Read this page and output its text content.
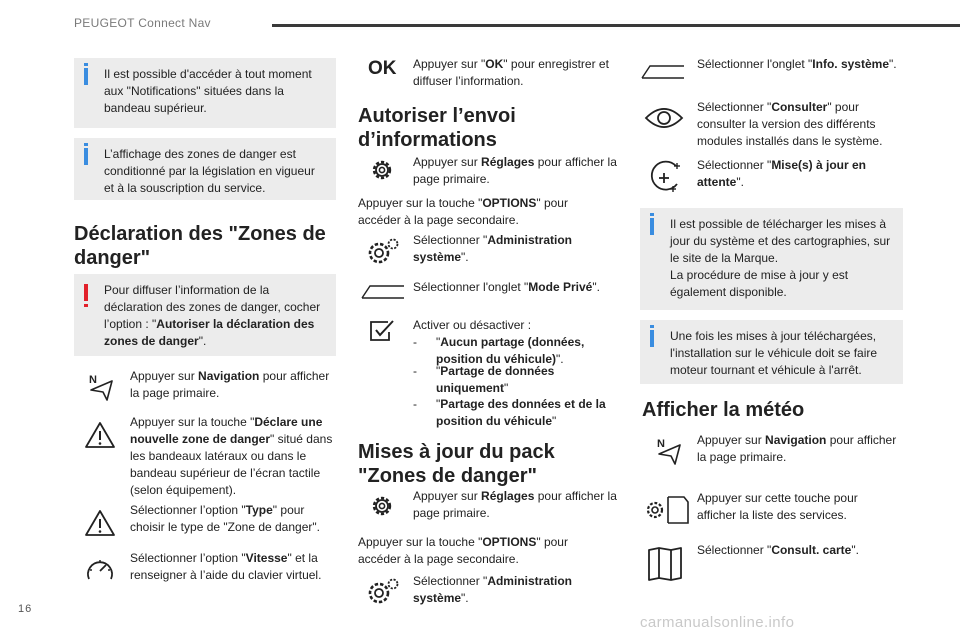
PEUGEOT Connect Nav
16
carmanualsonline.info
Il est possible d'accéder à tout moment aux "Notifications" situées dans la bandeau supérieur.
L’affichage des zones de danger est conditionné par la législation en vigueur et à la souscription du service.
Déclaration des "Zones de danger"
Pour diffuser l’information de la déclaration des zones de danger, cocher l’option : "Autoriser la déclaration des zones de danger".
N	Appuyer sur Navigation pour afficher la page primaire.
Appuyer sur la touche "Déclare une nouvelle zone de danger" situé dans les bandeaux latéraux ou dans le bandeau supérieur de l’écran tactile (selon équipement).
Sélectionner l’option "Type" pour choisir le type de "Zone de danger".
Sélectionner l’option "Vitesse" et la renseigner à l’aide du clavier virtuel.
OK Appuyer sur "OK" pour enregistrer et diffuser l’information.
Autoriser l’envoi d’informations
Appuyer sur Réglages pour afficher la page primaire.
Appuyer sur la touche "OPTIONS" pour accéder à la page secondaire.
Sélectionner "Administration système".
Sélectionner l'onglet "Mode Privé".
Activer ou désactiver :
- "Aucun partage (données, position du véhicule)".
- "Partage de données uniquement"
- "Partage des données et de la position du véhicule"
Mises à jour du pack "Zones de danger"
Appuyer sur Réglages pour afficher la page primaire.
Appuyer sur la touche "OPTIONS" pour accéder à la page secondaire.
Sélectionner "Administration système".
Sélectionner l'onglet "Info. système".
Sélectionner "Consulter" pour consulter la version des différents modules installés dans le système.
Sélectionner "Mise(s) à jour en attente".
Il est possible de télécharger les mises à jour du système et des cartographies, sur le site de la Marque.
La procédure de mise à jour y est également disponible.
Une fois les mises à jour téléchargées, l'installation sur le véhicule doit se faire moteur tournant et véhicule à l'arrêt.
Afficher la météo
N	Appuyer sur Navigation pour afficher la page primaire.
Appuyer sur cette touche pour afficher la liste des services.
Sélectionner "Consult. carte".
